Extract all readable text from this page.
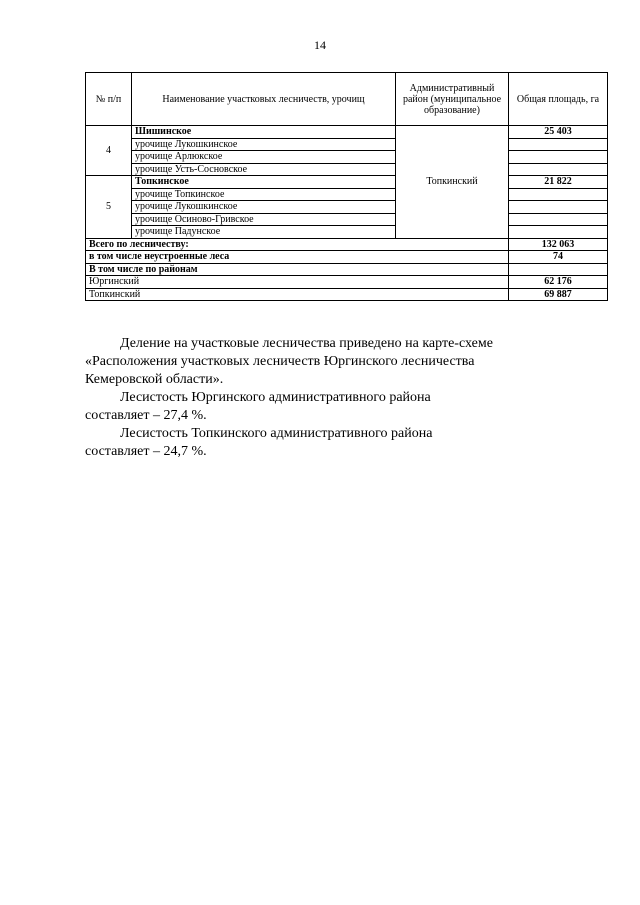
14
№ п/п	Наименование участковых лесничеств, урочищ	Административный район (муниципальное образование)	Общая площадь, га
4	Шишинское	Топкинский	25 403
	урочище Лукошкинское		
	урочище Арлюкское		
	урочище Усть-Сосновское		
5	Топкинское		21 822
	урочище Топкинское		
	урочище Лукошкинское		
	урочище Осиново-Гривское		
	урочище Падунское		
Всего по лесничеству:			132 063
в том числе неустроенные леса			74
В том числе по районам			
Юргинский			62 176
Топкинский			69 887

Деление на участковые лесничества приведено на карте-схеме

«Расположения участковых лесничеств Юргинского лесничества

Кемеровской области».

Лесистость Юргинского административного района

составляет – 27,4 %.

Лесистость Топкинского административного района

составляет – 24,7 %.
